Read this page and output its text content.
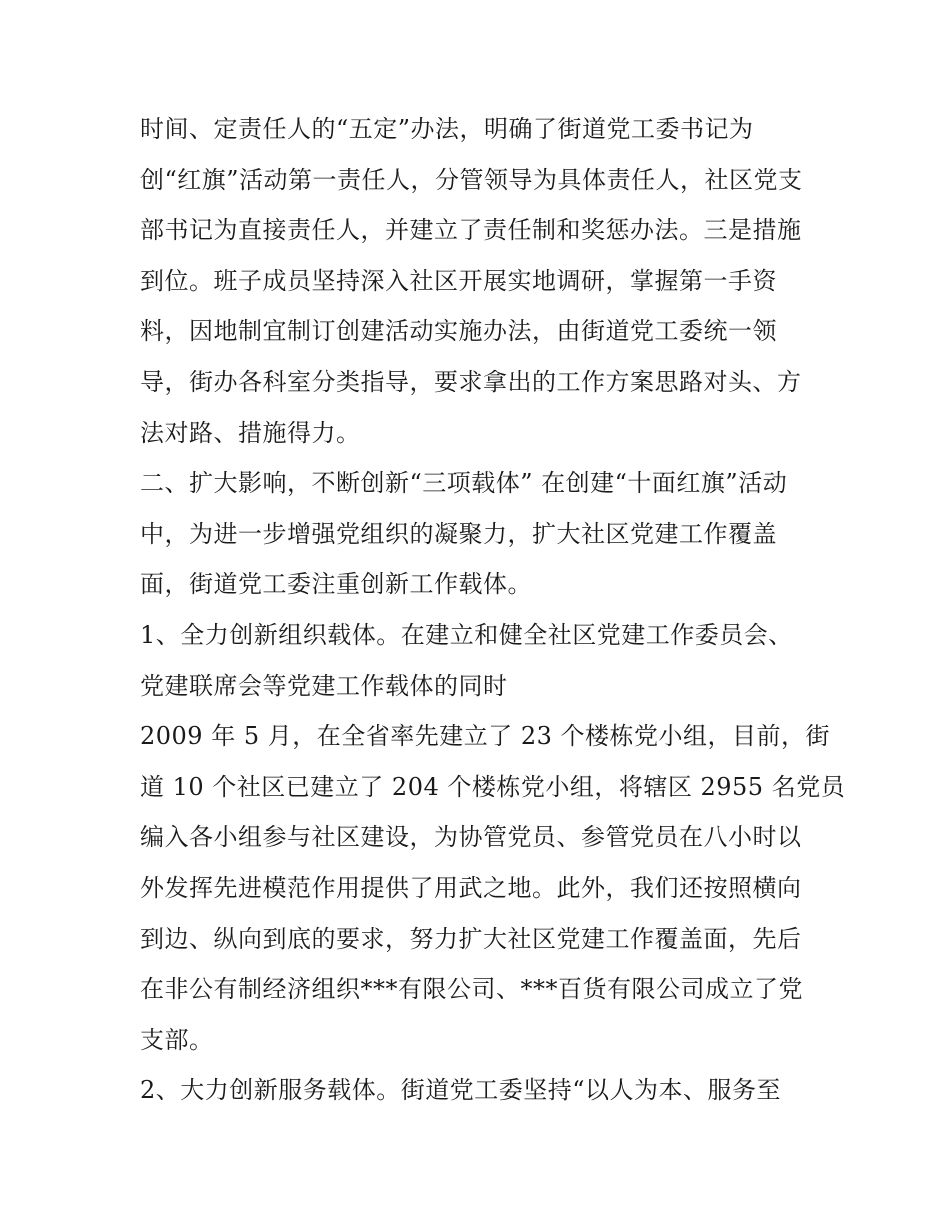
时间、定责任人的“五定”办法，明确了街道党工委书记为
创“红旗”活动第一责任人，分管领导为具体责任人，社区党支
部书记为直接责任人，并建立了责任制和奖惩办法。三是措施
到位。班子成员坚持深入社区开展实地调研，掌握第一手资
料，因地制宜制订创建活动实施办法，由街道党工委统一领
导，街办各科室分类指导，要求拿出的工作方案思路对头、方
法对路、措施得力。
二、扩大影响，不断创新“三项载体” 在创建“十面红旗”活动
中，为进一步增强党组织的凝聚力，扩大社区党建工作覆盖
面，街道党工委注重创新工作载体。
1、全力创新组织载体。在建立和健全社区党建工作委员会、
党建联席会等党建工作载体的同时
2009 年 5 月，在全省率先建立了 23 个楼栋党小组，目前，街
道 10 个社区已建立了 204 个楼栋党小组，将辖区 2955 名党员
编入各小组参与社区建设，为协管党员、参管党员在八小时以
外发挥先进模范作用提供了用武之地。此外，我们还按照横向
到边、纵向到底的要求，努力扩大社区党建工作覆盖面，先后
在非公有制经济组织***有限公司、***百货有限公司成立了党
支部。
2、大力创新服务载体。街道党工委坚持“以人为本、服务至
